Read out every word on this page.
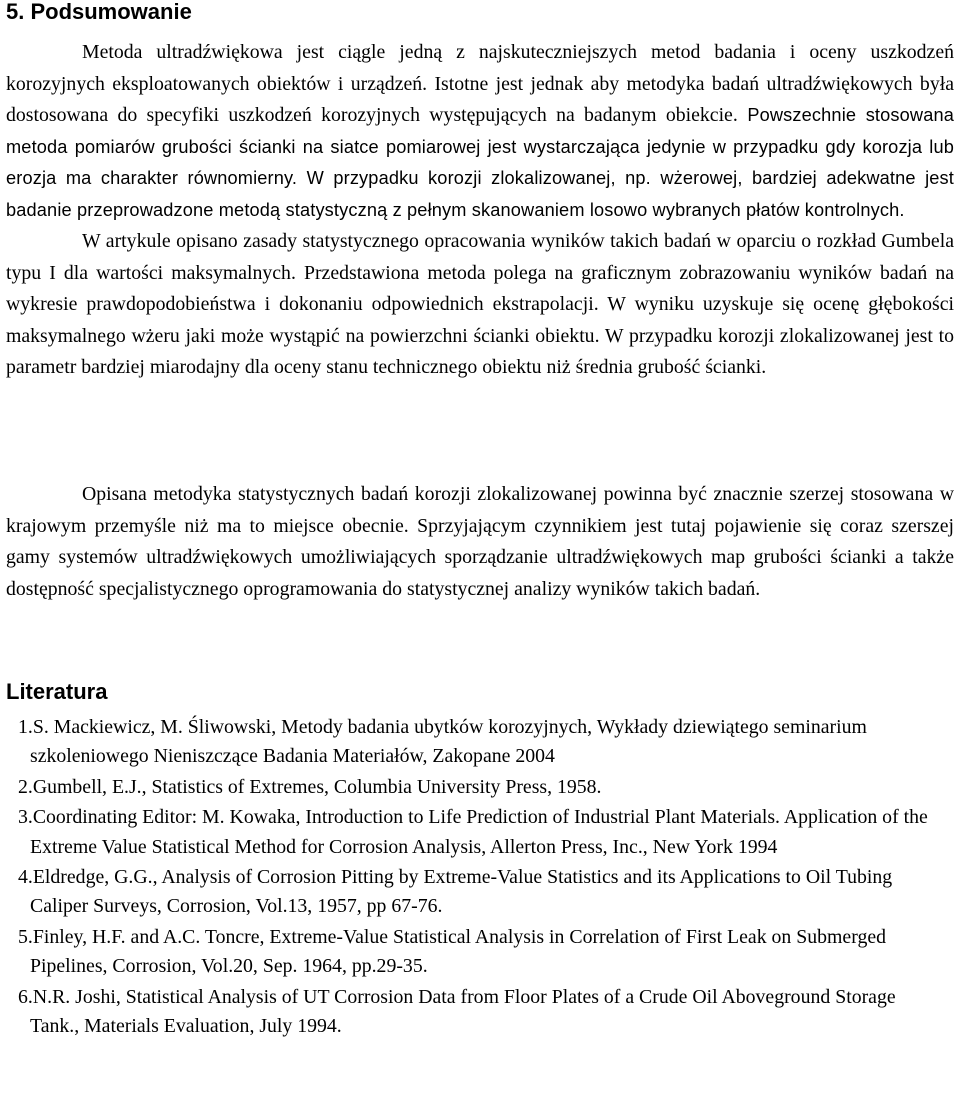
5. Podsumowanie

Metoda ultradźwiękowa jest ciągle jedną z najskuteczniejszych metod badania i oceny uszkodzeń korozyjnych eksploatowanych obiektów i urządzeń. Istotne jest jednak aby metodyka badań ultradźwiękowych była dostosowana do specyfiki uszkodzeń korozyjnych występujących na badanym obiekcie. Powszechnie stosowana metoda pomiarów grubości ścianki na siatce pomiarowej jest wystarczająca jedynie w przypadku gdy korozja lub erozja ma charakter równomierny. W przypadku korozji zlokalizowanej, np. wżerowej, bardziej adekwatne jest badanie przeprowadzone metodą statystyczną z pełnym skanowaniem losowo wybranych płatów kontrolnych.

W artykule opisano zasady statystycznego opracowania wyników takich badań w oparciu o rozkład Gumbela typu I dla wartości maksymalnych. Przedstawiona metoda polega na graficznym zobrazowaniu wyników badań na wykresie prawdopodobieństwa i dokonaniu odpowiednich ekstrapolacji. W wyniku uzyskuje się ocenę głębokości maksymalnego wżeru jaki może wystąpić na powierzchni ścianki obiektu. W przypadku korozji zlokalizowanej jest to parametr bardziej miarodajny dla oceny stanu technicznego obiektu niż średnia grubość ścianki.

Opisana metodyka statystycznych badań korozji zlokalizowanej powinna być znacznie szerzej stosowana w krajowym przemyśle niż ma to miejsce obecnie. Sprzyjającym czynnikiem jest tutaj pojawienie się coraz szerszej gamy systemów ultradźwiękowych umożliwiających sporządzanie ultradźwiękowych map grubości ścianki a także dostępność specjalistycznego oprogramowania do statystycznej analizy wyników takich badań.

Literatura
1.S. Mackiewicz, M. Śliwowski, Metody badania ubytków korozyjnych, Wykłady dziewiątego seminarium szkoleniowego Nieniszczące Badania Materiałów, Zakopane 2004
2.Gumbell, E.J., Statistics of Extremes, Columbia University Press, 1958.
3.Coordinating Editor: M. Kowaka, Introduction to Life Prediction of Industrial Plant Materials. Application of the Extreme Value Statistical Method for Corrosion Analysis, Allerton Press, Inc., New York 1994
4.Eldredge, G.G., Analysis of Corrosion Pitting by Extreme-Value Statistics and its Applications to Oil Tubing Caliper Surveys, Corrosion, Vol.13, 1957, pp 67-76.
5.Finley, H.F. and A.C. Toncre, Extreme-Value Statistical Analysis in Correlation of First Leak on Submerged Pipelines, Corrosion, Vol.20, Sep. 1964, pp.29-35.
6.N.R. Joshi, Statistical Analysis of UT Corrosion Data from Floor Plates of a Crude Oil Aboveground Storage Tank., Materials Evaluation, July 1994.
